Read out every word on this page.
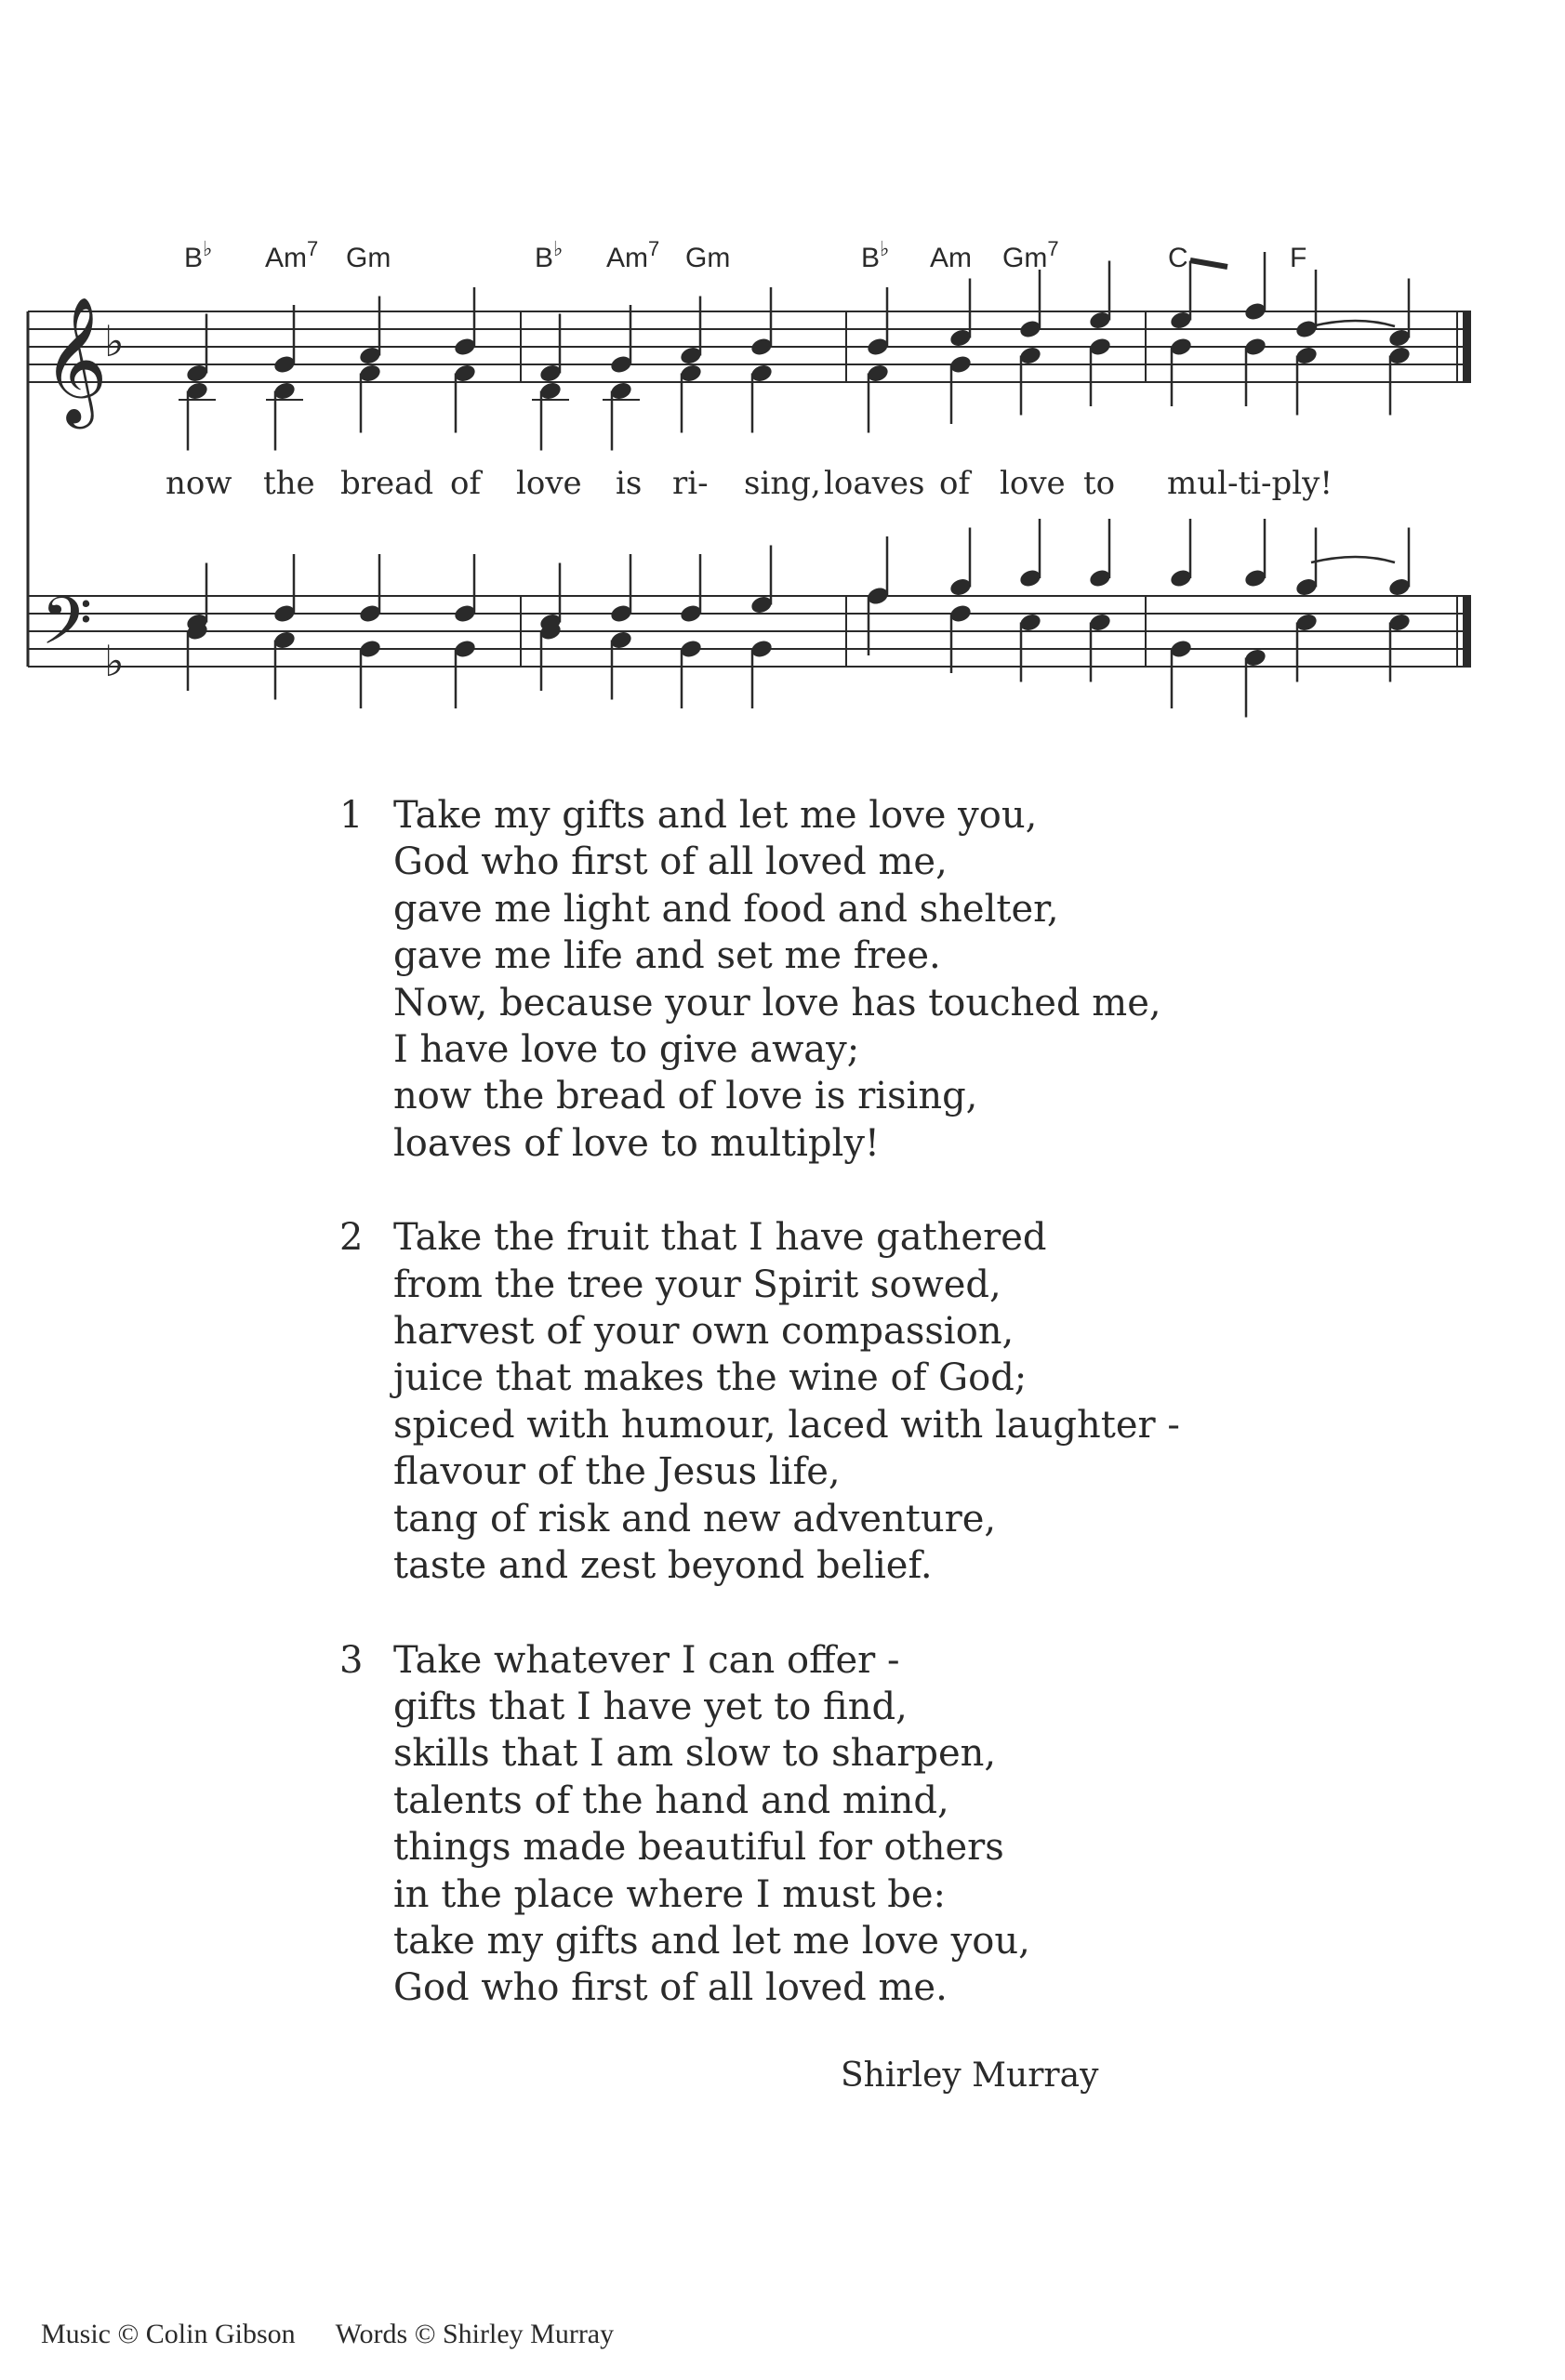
𝄞
♭
𝄢 ♭
B♭ Am$^7$ Gm	B♭ Am$^7$ Gm	B♭ Am Gm$^7$	C	F
now the bread of love is ri- sing, loaves of love to mul-ti-ply!
1 Take my gifts and let me love you,
God who first of all loved me,
gave me light and food and shelter,
gave me life and set me free.
Now, because your love has touched me,
I have love to give away;
now the bread of love is rising,
loaves of love to multiply!
2 Take the fruit that I have gathered
from the tree your Spirit sowed,
harvest of your own compassion,
juice that makes the wine of God;
spiced with humour, laced with laughter -
flavour of the Jesus life,
tang of risk and new adventure,
taste and zest beyond belief.
3 Take whatever I can offer -
gifts that I have yet to find,
skills that I am slow to sharpen,
talents of the hand and mind,
things made beautiful for others
in the place where I must be:
take my gifts and let me love you,
God who first of all loved me.
Shirley Murray
Music © Colin Gibson Words © Shirley Murray
